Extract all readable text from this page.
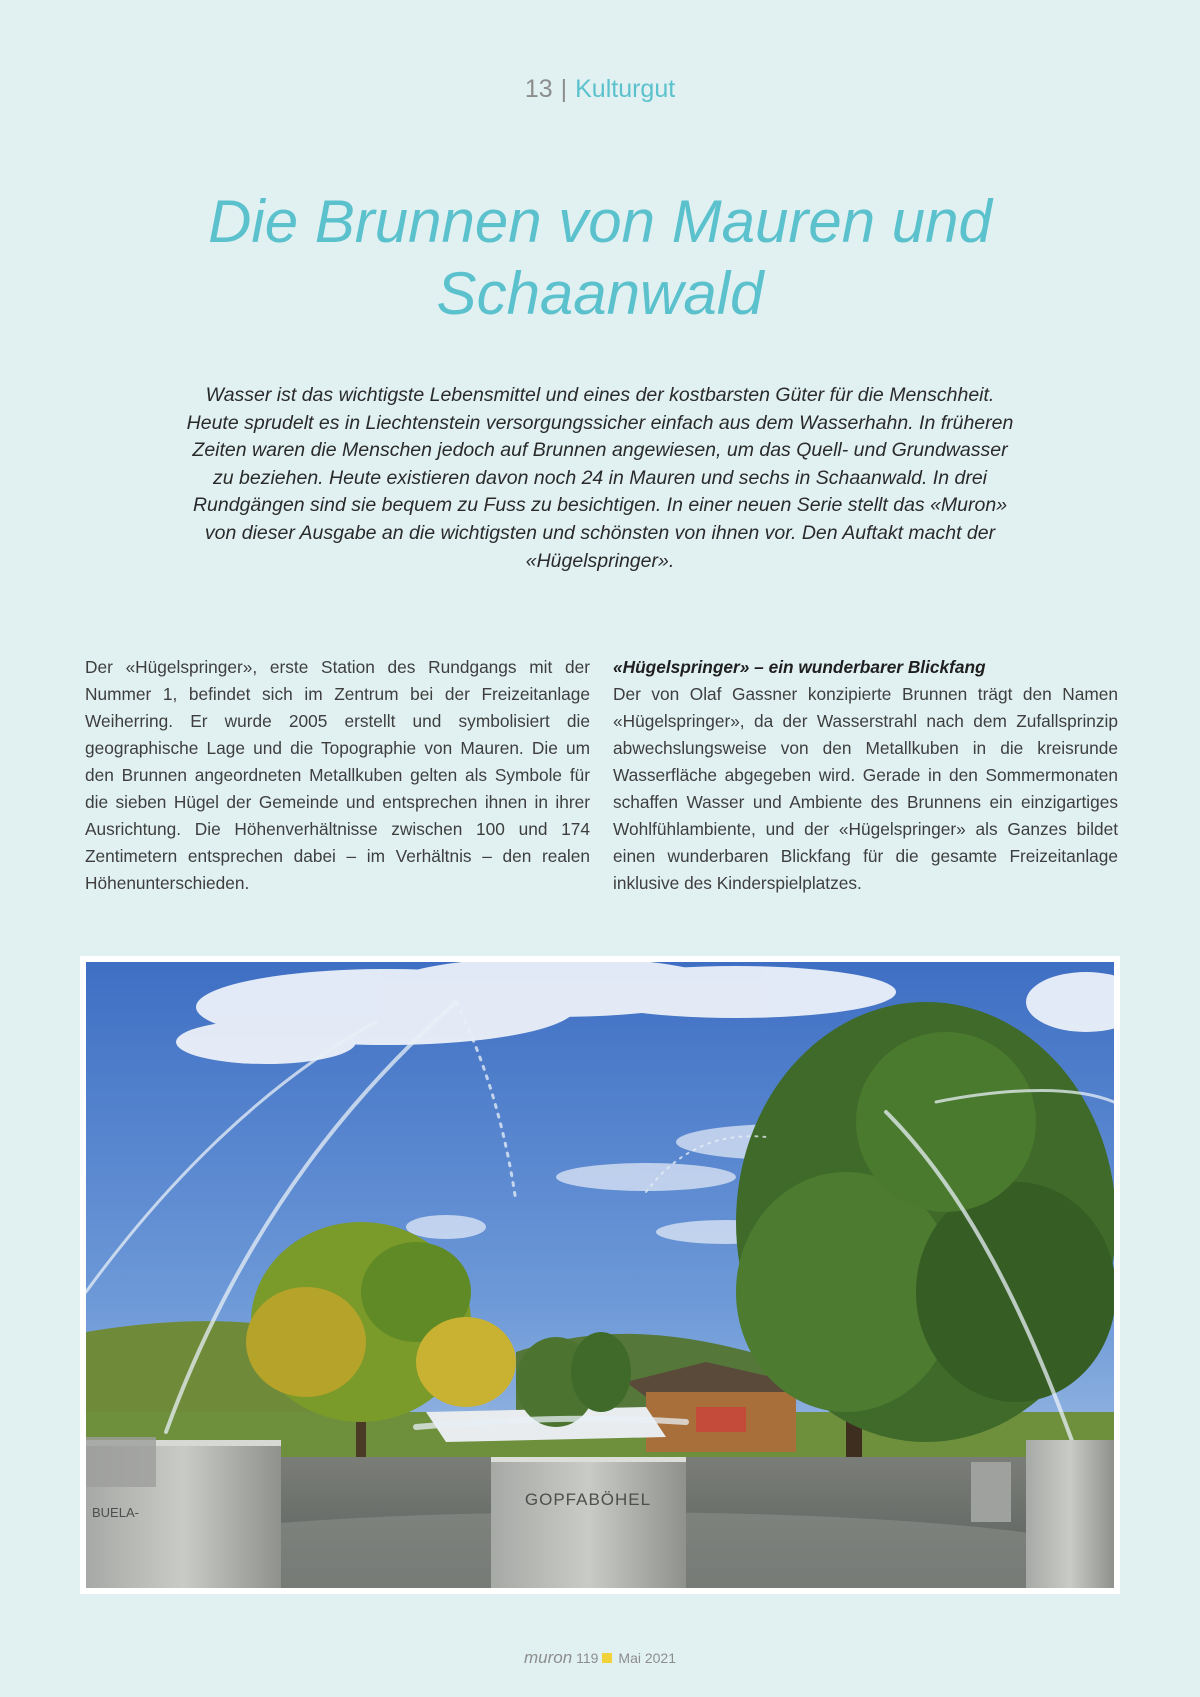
13 | Kulturgut
Die Brunnen von Mauren und Schaanwald

Wasser ist das wichtigste Lebensmittel und eines der kostbarsten Güter für die Menschheit. Heute sprudelt es in Liechtenstein versorgungssicher einfach aus dem Wasserhahn. In früheren Zeiten waren die Menschen jedoch auf Brunnen angewiesen, um das Quell- und Grundwasser zu beziehen. Heute existieren davon noch 24 in Mauren und sechs in Schaanwald. In drei Rundgängen sind sie bequem zu Fuss zu besichtigen. In einer neuen Serie stellt das «Muron» von dieser Ausgabe an die wichtigsten und schönsten von ihnen vor. Den Auftakt macht der «Hügelspringer».

Der «Hügelspringer», erste Station des Rundgangs mit der Nummer 1, befindet sich im Zentrum bei der Freizeitanlage Weiherring. Er wurde 2005 erstellt und symbolisiert die geographische Lage und die Topographie von Mauren. Die um den Brunnen angeordneten Metallkuben gelten als Symbole für die sieben Hügel der Gemeinde und entsprechen ihnen in ihrer Ausrichtung. Die Höhenverhältnisse zwischen 100 und 174 Zentimetern entsprechen dabei – im Verhältnis – den realen Höhenunterschieden.

«Hügelspringer» – ein wunderbarer Blickfang
Der von Olaf Gassner konzipierte Brunnen trägt den Namen «Hügelspringer», da der Wasserstrahl nach dem Zufallsprinzip abwechslungsweise von den Metallkuben in die kreisrunde Wasserfläche abgegeben wird. Gerade in den Sommermonaten schaffen Wasser und Ambiente des Brunnens ein einzigartiges Wohlfühlambiente, und der «Hügelspringer» als Ganzes bildet einen wunderbaren Blickfang für die gesamte Freizeitanlage inklusive des Kinderspielplatzes.
BUELA-
GOPFABÖHEL
muron 119 Mai 2021
